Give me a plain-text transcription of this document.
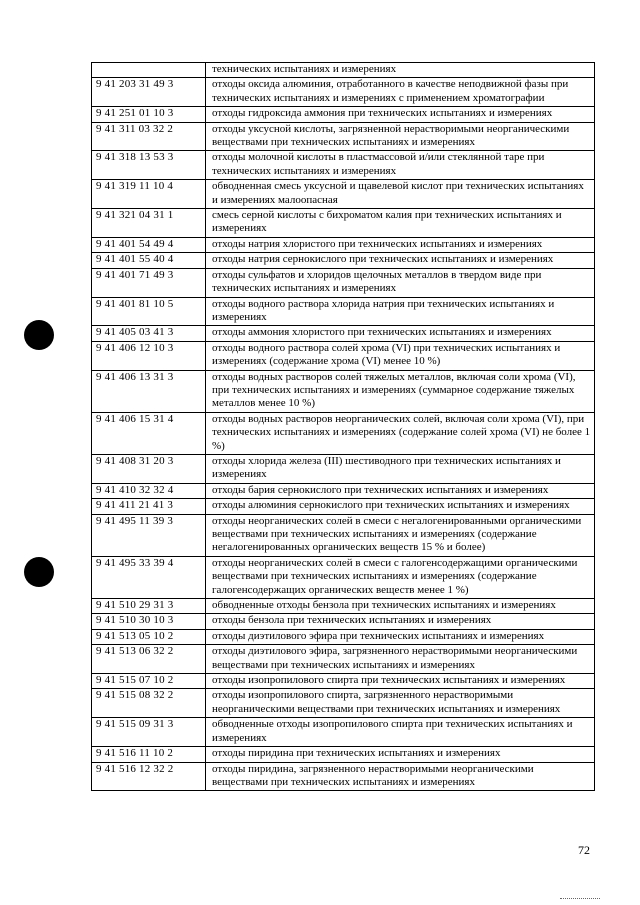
	технических испытаниях и измерениях
9 41 203 31 49 3	отходы оксида алюминия, отработанного в качестве неподвижной фазы при технических испытаниях и измерениях с применением хроматографии
9 41 251 01 10 3	отходы гидроксида аммония при технических испытаниях и измерениях
9 41 311 03 32 2	отходы уксусной кислоты, загрязненной нерастворимыми неорганическими веществами при технических испытаниях и измерениях
9 41 318 13 53 3	отходы молочной кислоты в пластмассовой и/или стеклянной таре при технических испытаниях и измерениях
9 41 319 11 10 4	обводненная смесь уксусной и щавелевой кислот при технических испытаниях и измерениях малоопасная
9 41 321 04 31 1	смесь серной кислоты с бихроматом калия при технических испытаниях и измерениях
9 41 401 54 49 4	отходы натрия хлористого при технических испытаниях и измерениях
9 41 401 55 40 4	отходы натрия сернокислого при технических испытаниях и измерениях
9 41 401 71 49 3	отходы сульфатов и хлоридов щелочных металлов в твердом виде при технических испытаниях и измерениях
9 41 401 81 10 5	отходы водного раствора хлорида натрия при технических испытаниях и измерениях
9 41 405 03 41 3	отходы аммония хлористого при технических испытаниях и измерениях
9 41 406 12 10 3	отходы водного раствора солей хрома (VI) при технических испытаниях и измерениях (содержание хрома (VI) менее 10 %)
9 41 406 13 31 3	отходы водных растворов солей тяжелых металлов, включая соли хрома (VI), при технических испытаниях и измерениях (суммарное содержание тяжелых металлов менее 10 %)
9 41 406 15 31 4	отходы водных растворов неорганических солей, включая соли хрома (VI), при технических испытаниях и измерениях (содержание солей хрома (VI) не более 1 %)
9 41 408 31 20 3	отходы хлорида железа (III) шестиводного при технических испытаниях и измерениях
9 41 410 32 32 4	отходы бария сернокислого при технических испытаниях и измерениях
9 41 411 21 41 3	отходы алюминия сернокислого при технических испытаниях и измерениях
9 41 495 11 39 3	отходы неорганических солей в смеси с негалогенированными органическими веществами при технических испытаниях и измерениях (содержание негалогенированных органических веществ 15 % и более)
9 41 495 33 39 4	отходы неорганических солей в смеси с галогенсодержащими органическими веществами при технических испытаниях и измерениях (содержание галогенсодержащих органических веществ менее 1 %)
9 41 510 29 31 3	обводненные отходы бензола при технических испытаниях и измерениях
9 41 510 30 10 3	отходы бензола при технических испытаниях и измерениях
9 41 513 05 10 2	отходы диэтилового эфира при технических испытаниях и измерениях
9 41 513 06 32 2	отходы диэтилового эфира, загрязненного нерастворимыми неорганическими веществами при технических испытаниях и измерениях
9 41 515 07 10 2	отходы изопропилового спирта при технических испытаниях и измерениях
9 41 515 08 32 2	отходы изопропилового спирта, загрязненного нерастворимыми неорганическими веществами при технических испытаниях и измерениях
9 41 515 09 31 3	обводненные отходы изопропилового спирта при технических испытаниях и измерениях
9 41 516 11 10 2	отходы пиридина при технических испытаниях и измерениях
9 41 516 12 32 2	отходы пиридина, загрязненного нерастворимыми неорганическими веществами при технических испытаниях и измерениях
72
